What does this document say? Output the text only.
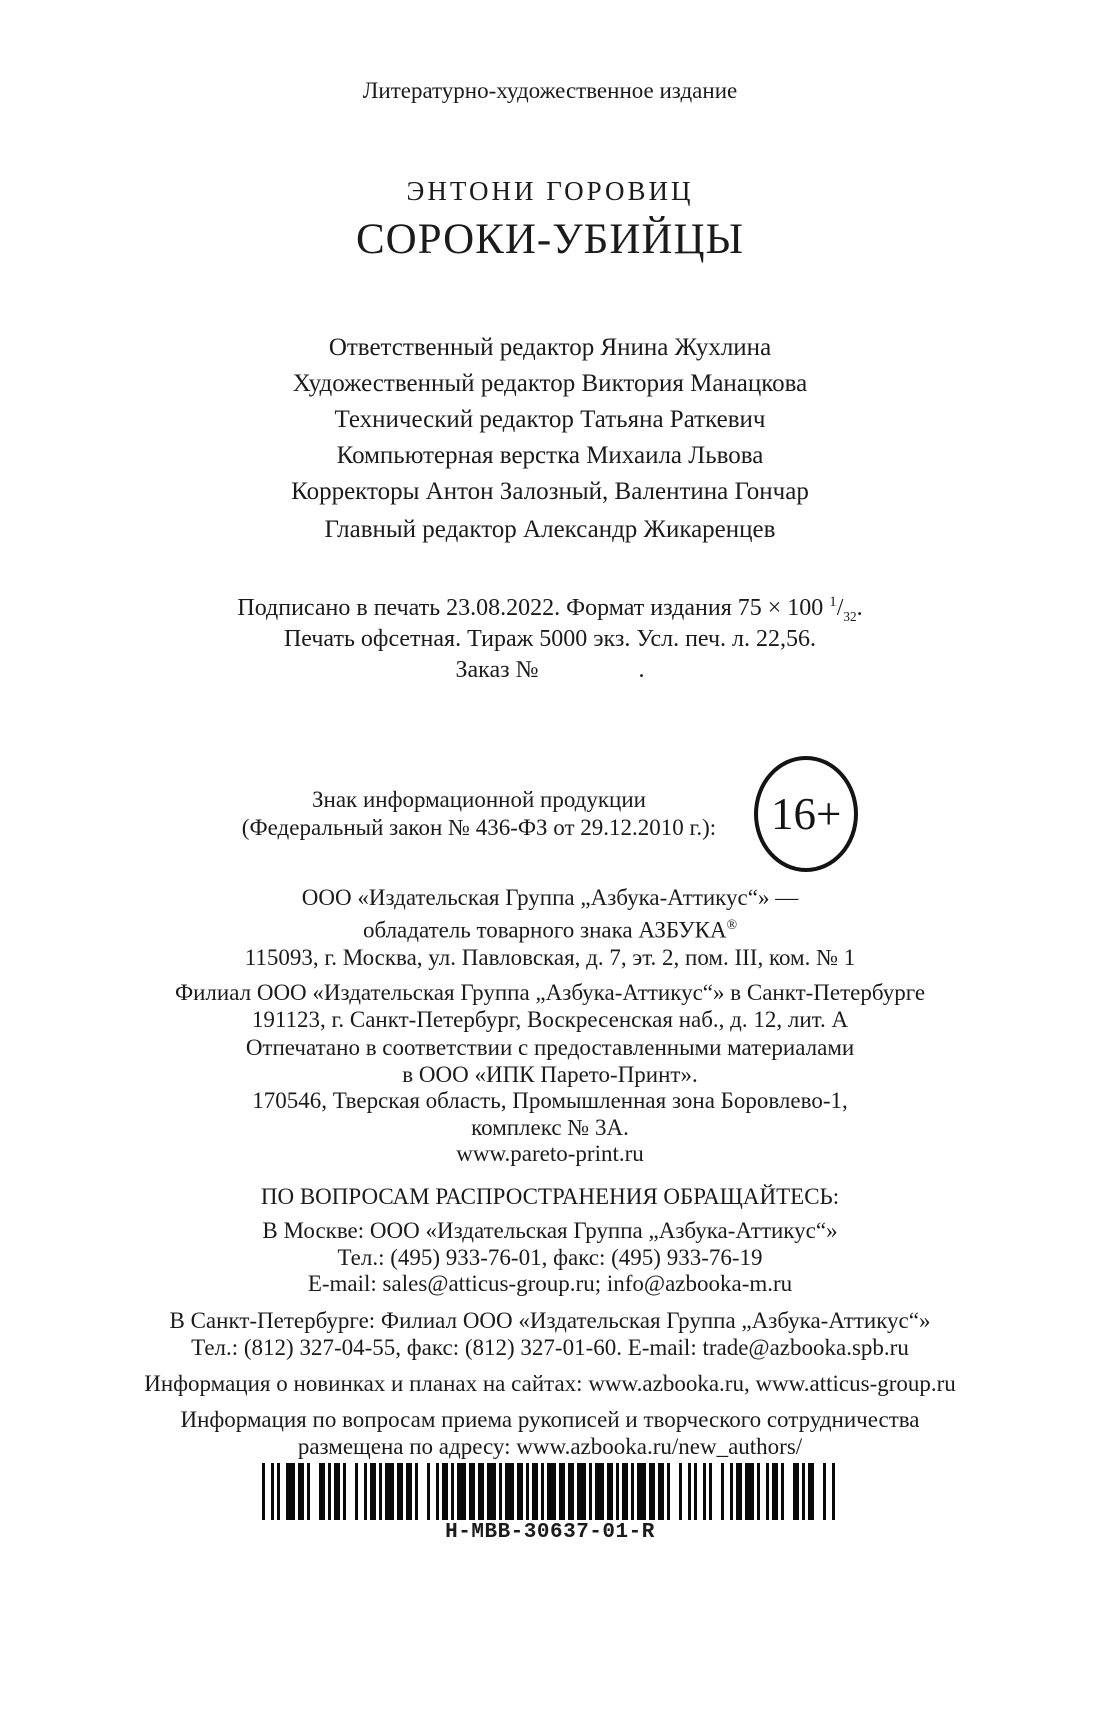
Литературно-художественное издание
ЭНТОНИ ГОРОВИЦ
СОРОКИ-УБИЙЦЫ
Ответственный редактор Янина Жухлина
Художественный редактор Виктория Манацкова
Технический редактор Татьяна Раткевич
Компьютерная верстка Михаила Львова
Корректоры Антон Залозный, Валентина Гончар
Главный редактор Александр Жикаренцев
Подписано в печать 23.08.2022. Формат издания 75 × 100 $^1/_{32}$.
Печать офсетная. Тираж 5000 экз. Усл. печ. л. 22,56.
Заказ №	.
Знак информационной продукции
(Федеральный закон № 436-ФЗ от 29.12.2010 г.):	16+
ООО «Издательская Группа „Азбука-Аттикус“» —
обладатель товарного знака АЗБУКА®
115093, г. Москва, ул. Павловская, д. 7, эт. 2, пом. III, ком. № 1
Филиал ООО «Издательская Группа „Азбука-Аттикус“» в Санкт-Петербурге
191123, г. Санкт-Петербург, Воскресенская наб., д. 12, лит. А
Отпечатано в соответствии с предоставленными материалами
в ООО «ИПК Парето-Принт».
170546, Тверская область, Промышленная зона Боровлево-1,
комплекс № 3А.
www.pareto-print.ru
ПО ВОПРОСАМ РАСПРОСТРАНЕНИЯ ОБРАЩАЙТЕСЬ:
В Москве: ООО «Издательская Группа „Азбука-Аттикус“»
Тел.: (495) 933-76-01, факс: (495) 933-76-19
E-mail: sales@atticus-group.ru; info@azbooka-m.ru
В Санкт-Петербурге: Филиал ООО «Издательская Группа „Азбука-Аттикус“»
Тел.: (812) 327-04-55, факс: (812) 327-01-60. E-mail: trade@azbooka.spb.ru
Информация о новинках и планах на сайтах: www.azbooka.ru, www.atticus-group.ru
Информация по вопросам приема рукописей и творческого сотрудничества
размещена по адресу: www.azbooka.ru/new_authors/
H-MBB-30637-01-R
